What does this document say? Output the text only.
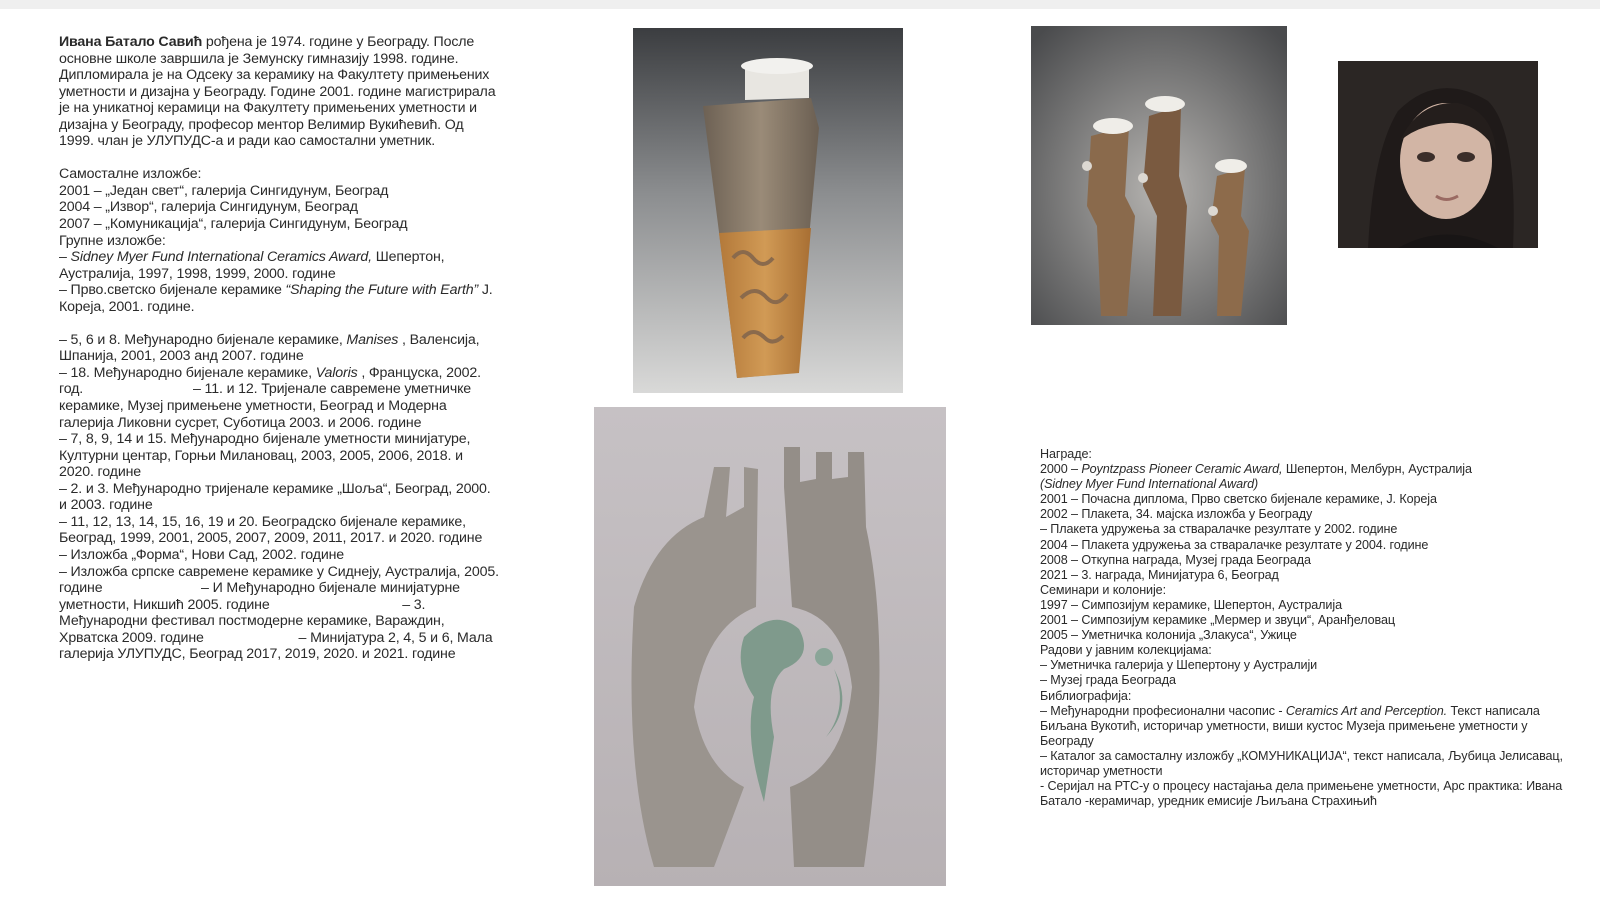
Ивана Батало Савић рођена је 1974. године у Београду. После основне школе завршила је Земунску гимназију 1998. године. Дипломирала је на Одсеку за керамику на Факултету примењених уметности и дизајна у Београду. Године 2001. године магистрирала је на уникатној керамици на Факултету примењених уметности и дизајна у Београду, професор ментор Велимир Вукићевић. Од 1999. члан је УЛУПУДС-а и ради као самостални уметник.

Самосталне изложбе:

2001 – „Један свет“, галерија Сингидунум, Београд

2004 – „Извор“, галерија Сингидунум, Београд

2007 – „Комуникација“, галерија Сингидунум, Београд

Групне изложбе:

– Sidney Myer Fund International Ceramics Award, Шепертон, Аустралија, 1997, 1998, 1999, 2000. године

– Прво.светско бијенале керамике “Shaping the Future with Earth” J. Кореја, 2001. године.

– 5, 6 и 8. Међународно бијенале керамике, Manises , Валенсија, Шпанија, 2001, 2003 анд 2007. године

– 18. Међународно бијенале керамике, Valoris , Француска, 2002. год.                             – 11. и 12. Тријенале савремене уметничке керамике, Музеј примењене уметности, Београд и Модерна галерија Ликовни сусрет, Суботица 2003. и 2006. године

– 7, 8, 9, 14 и 15. Међународно бијенале уметности минијатуре, Културни центар, Горњи Милановац, 2003, 2005, 2006, 2018. и 2020. године

– 2. и 3. Међународно тријенале керамике „Шоља“, Београд, 2000. и 2003. године

– 11, 12, 13, 14, 15, 16, 19 и 20. Београдско бијенале керамике, Београд, 1999, 2001, 2005, 2007, 2009, 2011, 2017. и 2020. године

– Изложба „Форма“, Нови Сад, 2002. године

– Изложба српске савремене керамике у Сиднеју, Аустралија, 2005. године                          – И Међународно бијенале минијатурне уметности, Никшић 2005. године                                   – 3. Међународни фестивал постмодерне керамике, Вараждин, Хрватска 2009. године                         – Минијатура 2, 4, 5 и 6, Мала галерија УЛУПУДС, Београд 2017, 2019, 2020. и 2021. године

Награде:

2000 – Poyntzpass Pioneer Ceramic Award, Шепертон, Мелбурн, Аустралија

(Sidney Myer Fund International Award)

2001 – Почасна диплома, Прво светско бијенале керамике, J. Кореја

2002 – Плакета, 34. мајска изложба у Београду

– Плакета удружења за стваралачке резултате у 2002. године

2004 – Плакета удружења за стваралачке резултате у 2004. године

2008 – Откупна награда, Музеј града Београда

2021 – 3. награда, Минијатура 6, Београд

Семинари и колоније:

1997 – Симпозијум керамике, Шепертон, Аустралија

2001 – Симпозијум керамике „Мермер и звуци“, Аранђеловац

2005 – Уметничка колонија „Злакуса“, Ужице

Радови у јавним колекцијама:

– Уметничка галерија у Шепертону у Аустралији

– Музеј града Београда

Библиографија:

– Међународни професионални часопис - Ceramics Art and Perception. Текст написала Биљана Вукотић, историчар уметности, виши кустос Музеја примењене уметности у Београду

– Каталог за самосталну изложбу „КОМУНИКАЦИЈА“, текст написала, Љубица Јелисавац, историчар уметности

- Серијал на РТС-у о процесу настајања дела примењене уметности, Арс практика: Ивана Батало -керамичар, уредник емисије Љиљана Страхињић
